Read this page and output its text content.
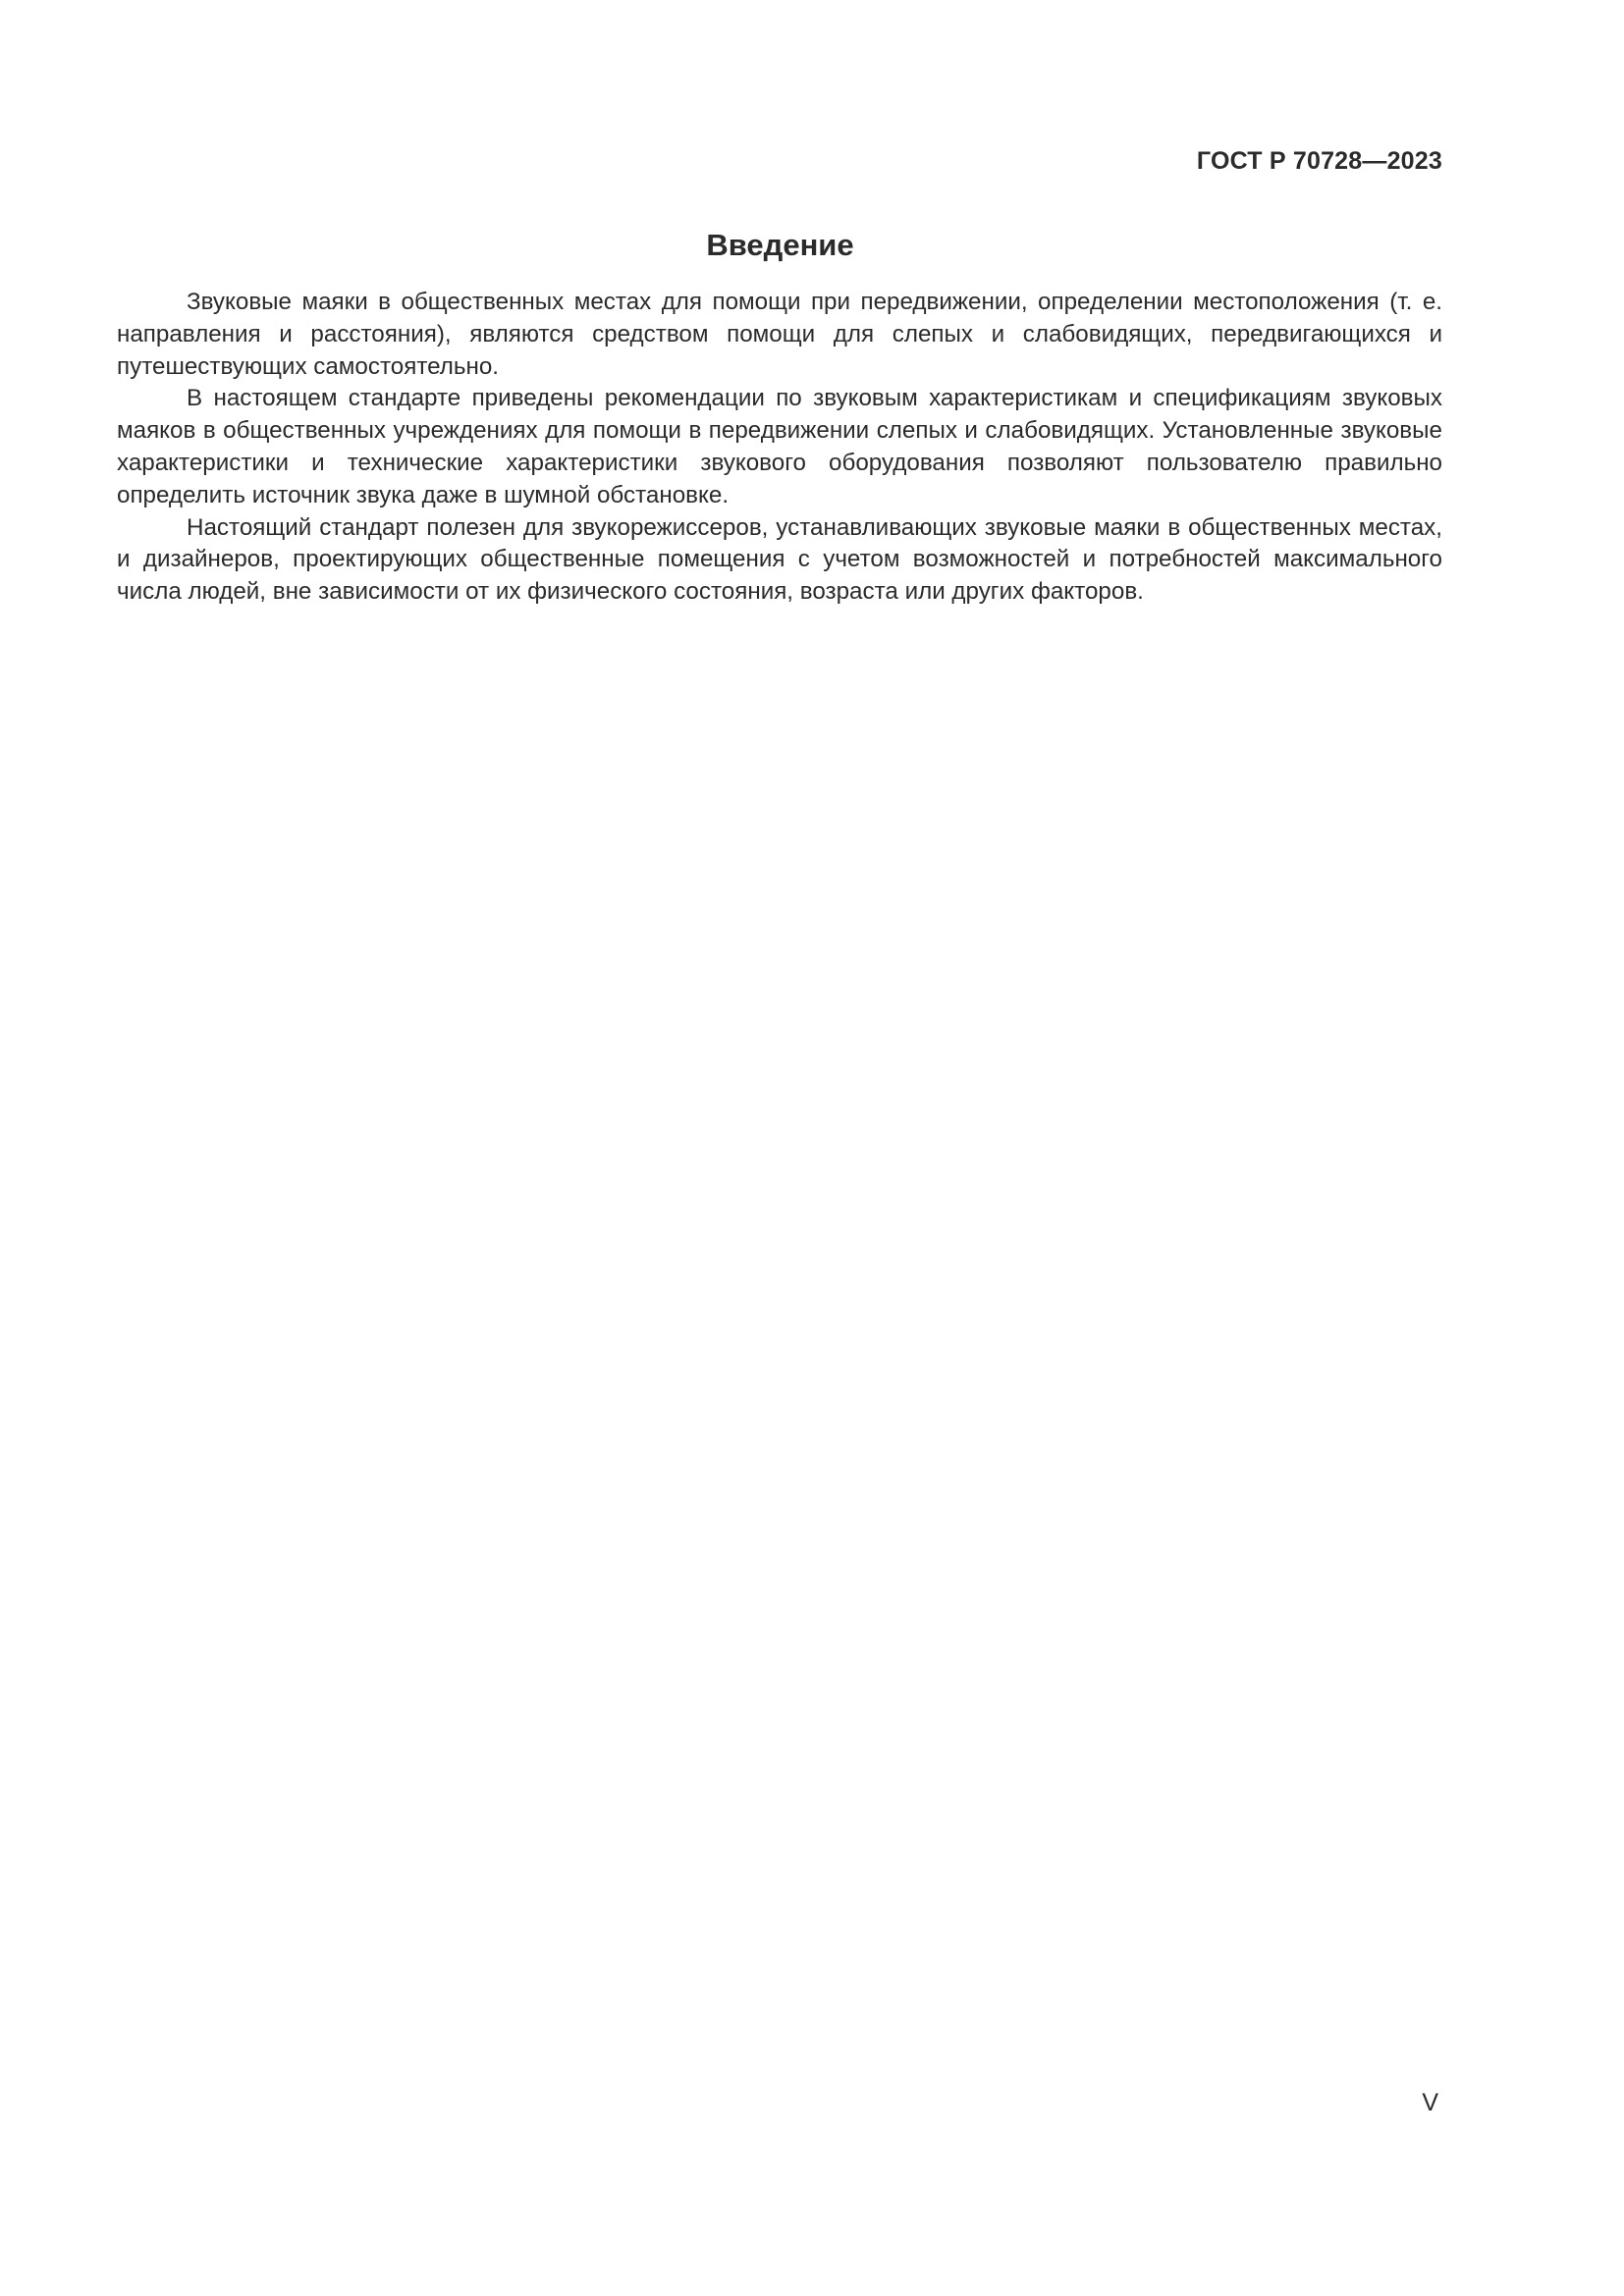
ГОСТ Р 70728—2023
Введение

Звуковые маяки в общественных местах для помощи при передвижении, определении местоположения (т. е. направления и расстояния), являются средством помощи для слепых и слабовидящих, передвигающихся и путешествующих самостоятельно.

В настоящем стандарте приведены рекомендации по звуковым характеристикам и спецификациям звуковых маяков в общественных учреждениях для помощи в передвижении слепых и слабовидящих. Установленные звуковые характеристики и технические характеристики звукового оборудования позволяют пользователю правильно определить источник звука даже в шумной обстановке.

Настоящий стандарт полезен для звукорежиссеров, устанавливающих звуковые маяки в общественных местах, и дизайнеров, проектирующих общественные помещения с учетом возможностей и потребностей максимального числа людей, вне зависимости от их физического состояния, возраста или других факторов.

V
